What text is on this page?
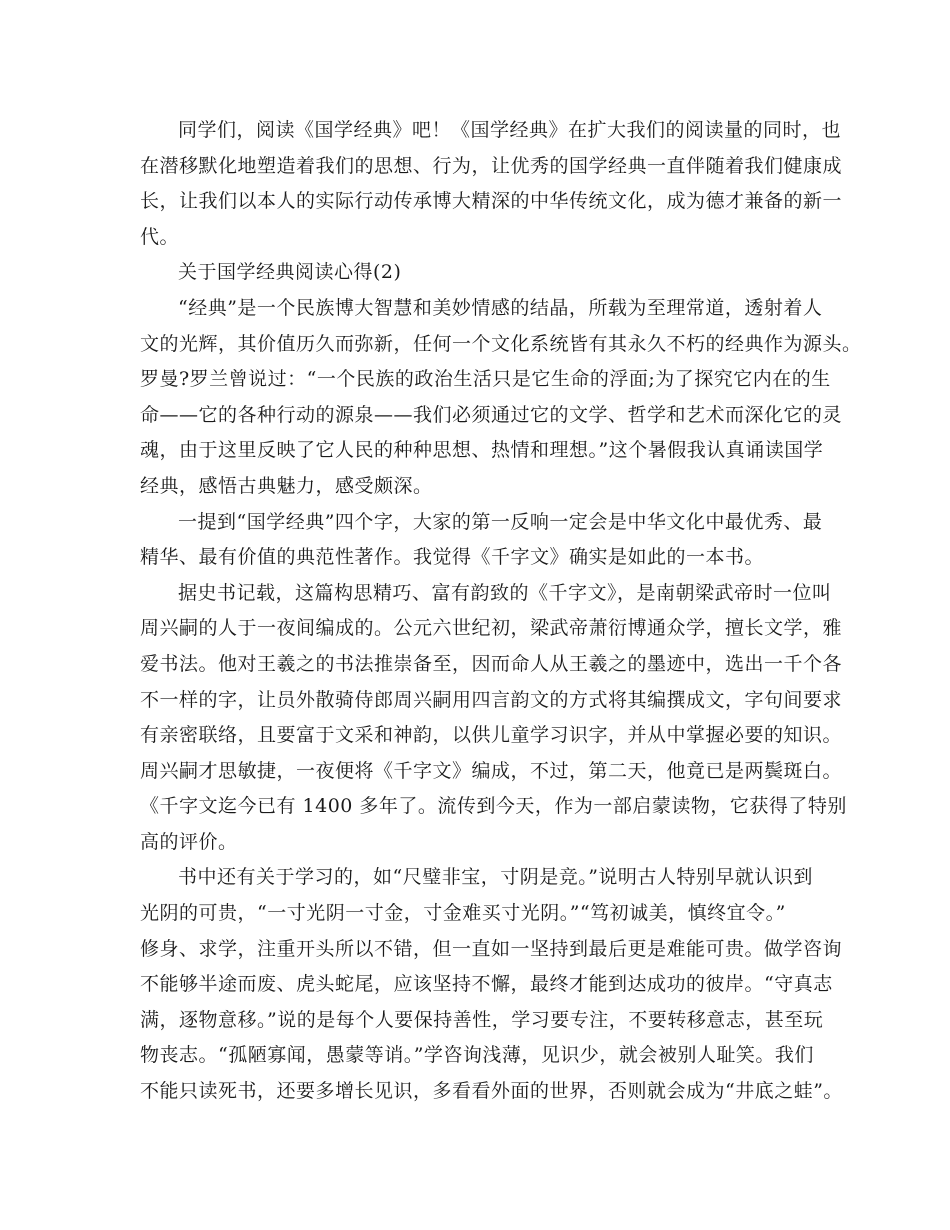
同学们，阅读《国学经典》吧！《国学经典》在扩大我们的阅读量的同时，也
在潜移默化地塑造着我们的思想、行为，让优秀的国学经典一直伴随着我们健康成
长，让我们以本人的实际行动传承博大精深的中华传统文化，成为德才兼备的新一
代。
关于国学经典阅读心得(2)
“经典”是一个民族博大智慧和美妙情感的结晶，所载为至理常道，透射着人
文的光辉，其价值历久而弥新，任何一个文化系统皆有其永久不朽的经典作为源头。
罗曼?罗兰曾说过：“一个民族的政治生活只是它生命的浮面;为了探究它内在的生
命——它的各种行动的源泉——我们必须通过它的文学、哲学和艺术而深化它的灵
魂，由于这里反映了它人民的种种思想、热情和理想。”这个暑假我认真诵读国学
经典，感悟古典魅力，感受颇深。
一提到“国学经典”四个字，大家的第一反响一定会是中华文化中最优秀、最
精华、最有价值的典范性著作。我觉得《千字文》确实是如此的一本书。
据史书记载，这篇构思精巧、富有韵致的《千字文》，是南朝梁武帝时一位叫
周兴嗣的人于一夜间编成的。公元六世纪初，梁武帝萧衍博通众学，擅长文学，雅
爱书法。他对王羲之的书法推崇备至，因而命人从王羲之的墨迹中，选出一千个各
不一样的字，让员外散骑侍郎周兴嗣用四言韵文的方式将其编撰成文，字句间要求
有亲密联络，且要富于文采和神韵，以供儿童学习识字，并从中掌握必要的知识。
周兴嗣才思敏捷，一夜便将《千字文》编成，不过，第二天，他竟已是两鬓斑白。
《千字文迄今已有 1400 多年了。流传到今天，作为一部启蒙读物，它获得了特别
高的评价。
书中还有关于学习的，如“尺璧非宝，寸阴是竞。”说明古人特别早就认识到
光阴的可贵，“一寸光阴一寸金，寸金难买寸光阴。”“笃初诚美，慎终宜令。”
修身、求学，注重开头所以不错，但一直如一坚持到最后更是难能可贵。做学咨询
不能够半途而废、虎头蛇尾，应该坚持不懈，最终才能到达成功的彼岸。“守真志
满，逐物意移。”说的是每个人要保持善性，学习要专注，不要转移意志，甚至玩
物丧志。“孤陋寡闻，愚蒙等诮。”学咨询浅薄，见识少，就会被别人耻笑。我们
不能只读死书，还要多增长见识，多看看外面的世界，否则就会成为“井底之蛙”。
